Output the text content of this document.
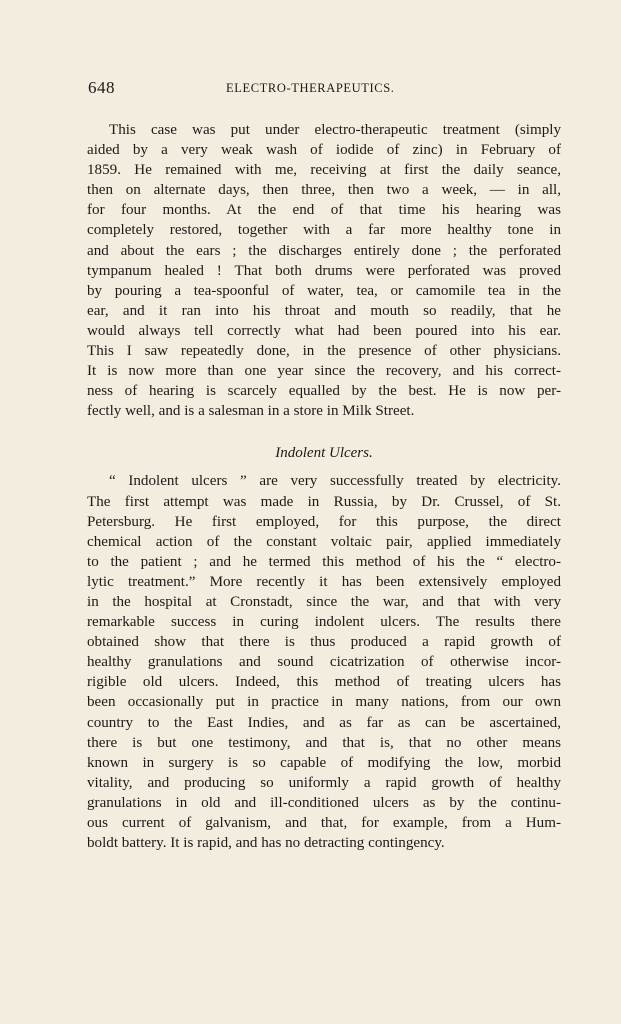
648	ELECTRO-THERAPEUTICS.
This case was put under electro-therapeutic treatment (simply
aided by a very weak wash of iodide of zinc) in February of
1859. He remained with me, receiving at first the daily seance,
then on alternate days, then three, then two a week, — in all,
for four months. At the end of that time his hearing was
completely restored, together with a far more healthy tone in
and about the ears ; the discharges entirely done ; the perforated
tympanum healed ! That both drums were perforated was proved
by pouring a tea-spoonful of water, tea, or camomile tea in the
ear, and it ran into his throat and mouth so readily, that he
would always tell correctly what had been poured into his ear.
This I saw repeatedly done, in the presence of other physicians.
It is now more than one year since the recovery, and his correct-
ness of hearing is scarcely equalled by the best. He is now per-
fectly well, and is a salesman in a store in Milk Street.
Indolent Ulcers.
“ Indolent ulcers ” are very successfully treated by electricity.
The first attempt was made in Russia, by Dr. Crussel, of St.
Petersburg. He first employed, for this purpose, the direct
chemical action of the constant voltaic pair, applied immediately
to the patient ; and he termed this method of his the “ electro-
lytic treatment.” More recently it has been extensively employed
in the hospital at Cronstadt, since the war, and that with very
remarkable success in curing indolent ulcers. The results there
obtained show that there is thus produced a rapid growth of
healthy granulations and sound cicatrization of otherwise incor-
rigible old ulcers. Indeed, this method of treating ulcers has
been occasionally put in practice in many nations, from our own
country to the East Indies, and as far as can be ascertained,
there is but one testimony, and that is, that no other means
known in surgery is so capable of modifying the low, morbid
vitality, and producing so uniformly a rapid growth of healthy
granulations in old and ill-conditioned ulcers as by the continu-
ous current of galvanism, and that, for example, from a Hum-
boldt battery. It is rapid, and has no detracting contingency.
